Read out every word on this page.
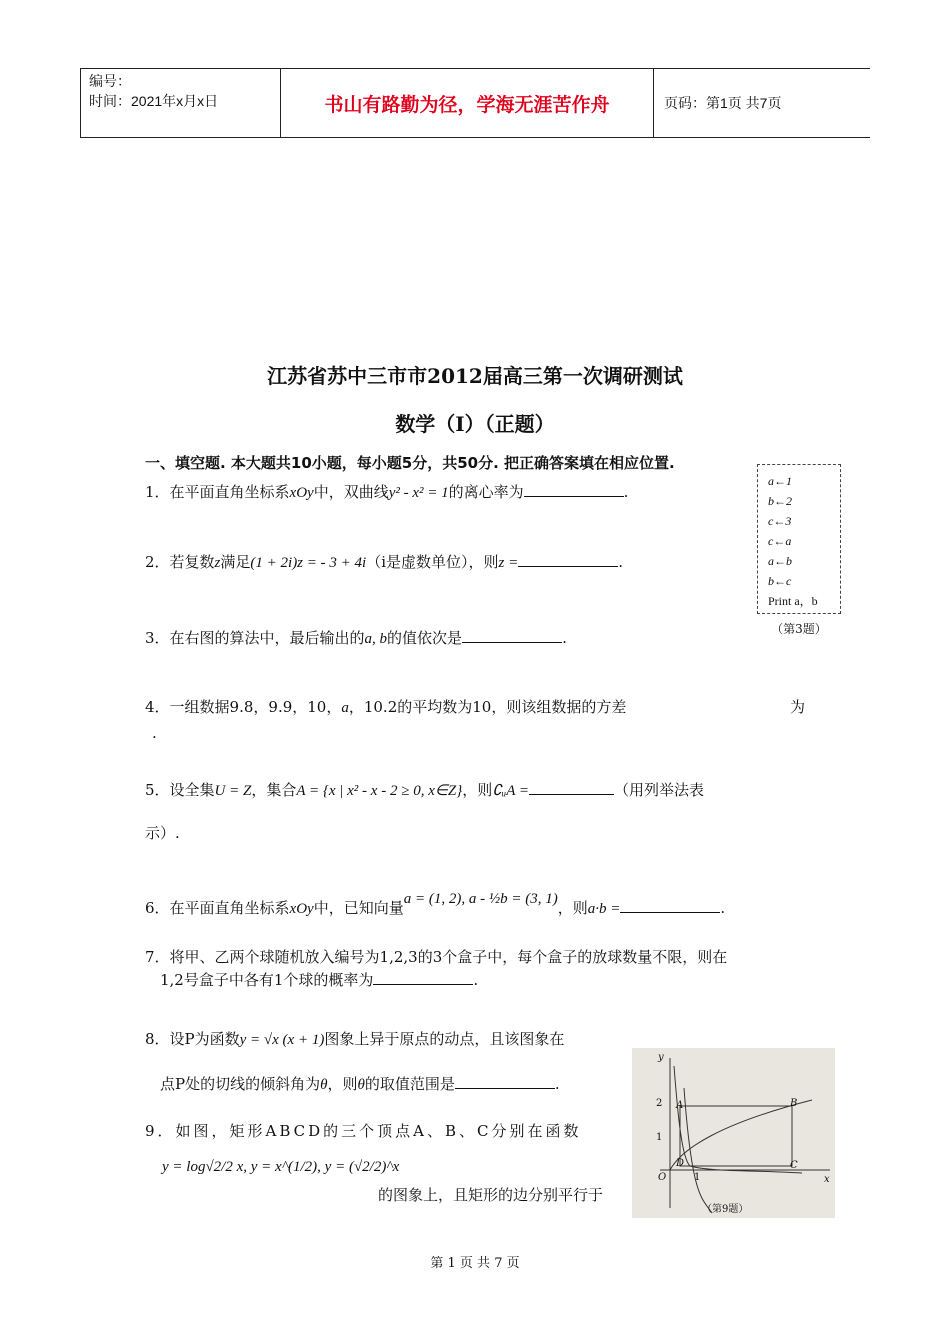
编号：
时间：2021年x月x日	书山有路勤为径，学海无涯苦作舟	页码：第1页 共7页
江苏省苏中三市市2012届高三第一次调研测试
数学（I）（正题）
一、填空题. 本大题共10小题，每小题5分，共50分. 把正确答案填在相应位置.
1．在平面直角坐标系xOy中，双曲线y² - x² = 1的离心率为	.
2．若复数z满足(1 + 2i)z = - 3 + 4i（i是虚数单位），则z =	.
3．在右图的算法中，最后输出的a, b的值依次是	.
a←1
b←2
c←3
c←a
a←b
b←c
Print a，b
（第3题）
4．一组数据9.8，9.9，10，a，10.2的平均数为10，则该组数据的方差	为
.
5．设全集U = Z，集合A = {x | x² - x - 2 ≥ 0, x∈Z}，则∁ᵤA =	（用列举法表
示）.
6．在平面直角坐标系xOy中，已知向量a = (1, 2), a - ½b = (3, 1)，则a·b =	.
7．将甲、乙两个球随机放入编号为1,2,3的3个盒子中，每个盒子的放球数量不限，则在
1,2号盒子中各有1个球的概率为	.
8．设P为函数y = √x (x + 1)图象上异于原点的动点，且该图象在
点P处的切线的倾斜角为θ，则θ的取值范围是	.
9．如图，矩形ABCD的三个顶点A、B、C分别在函数
y = log√2/2 x, y = x^(1/2), y = (√2/2)^x
的图象上，且矩形的边分别平行于
y
x
O	1
1
2 A	B
C
D
（第9题）
第 1 页 共 7 页
